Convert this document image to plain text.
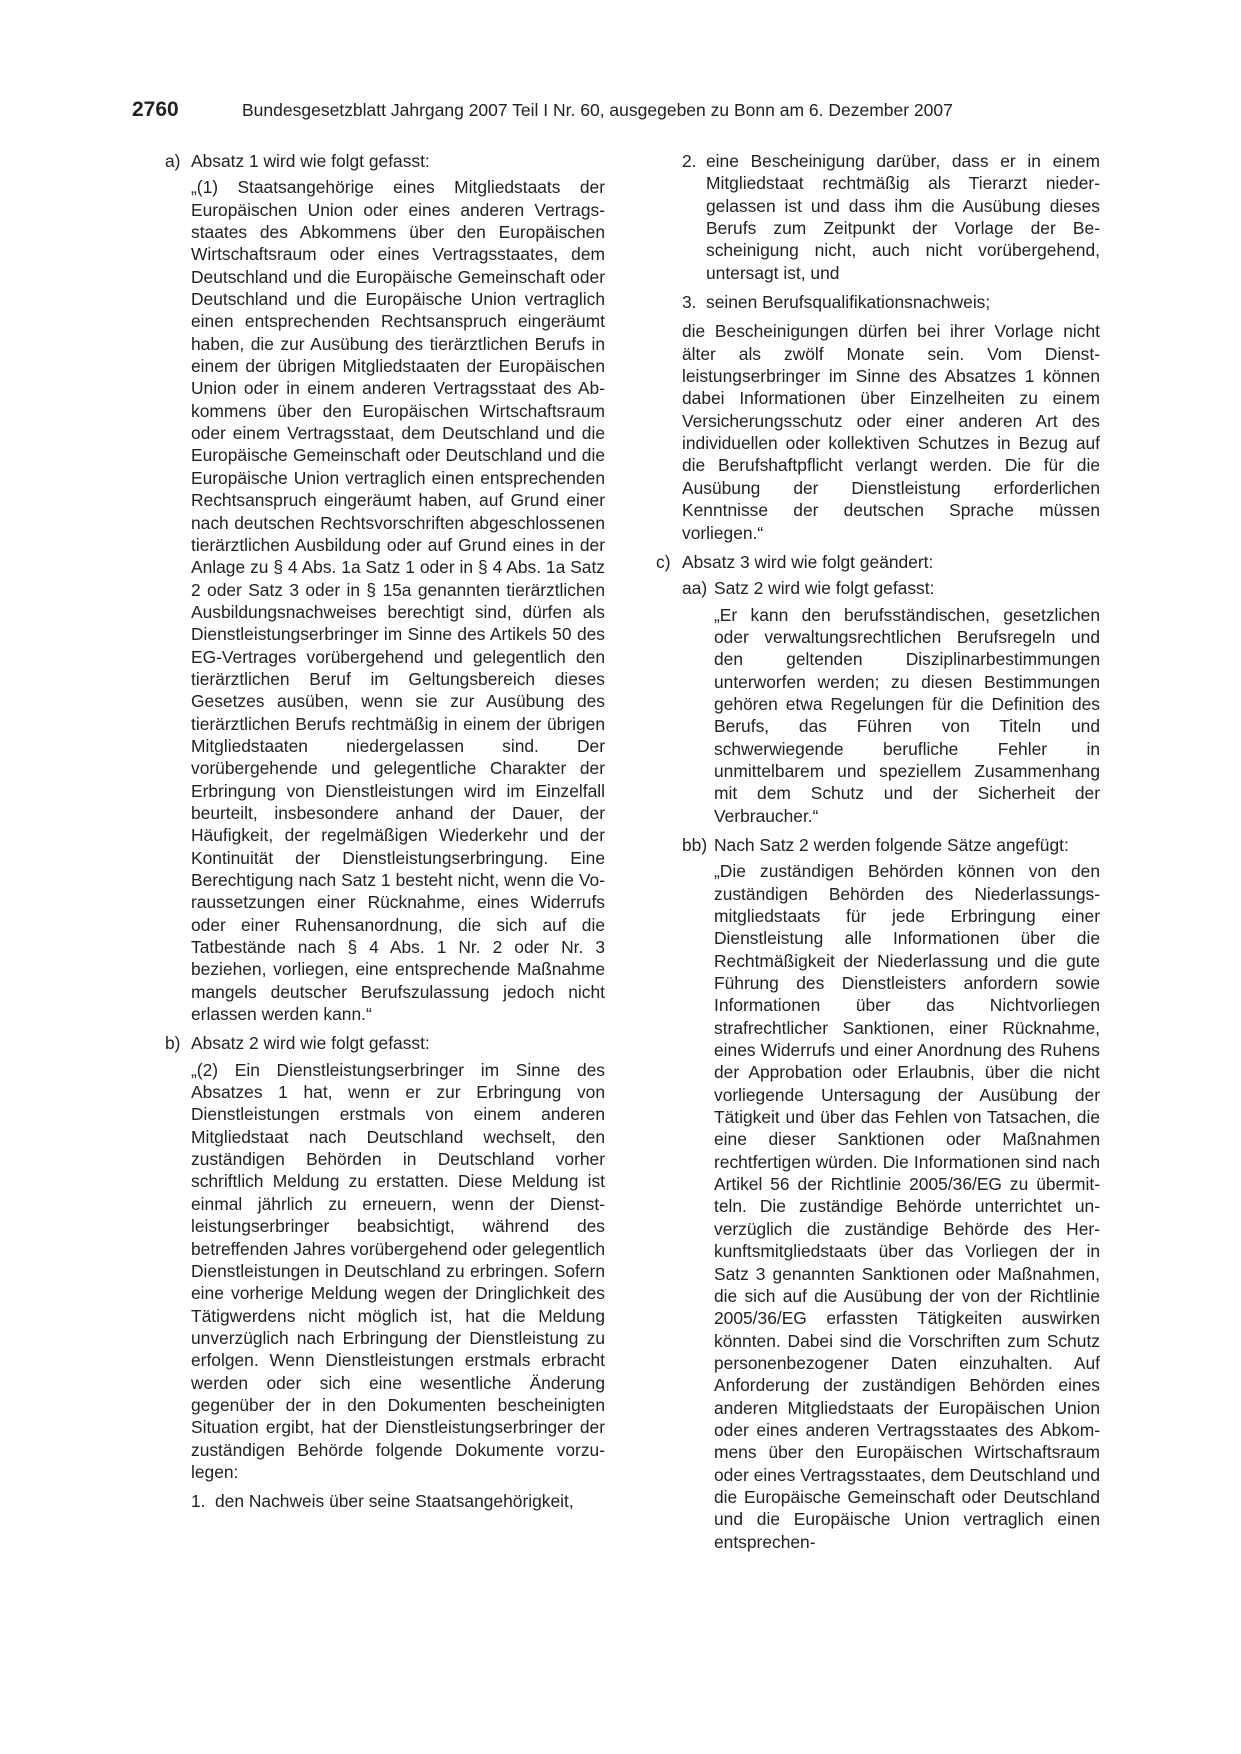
2760	Bundesgesetzblatt Jahrgang 2007 Teil I Nr. 60, ausgegeben zu Bonn am 6. Dezember 2007
a) Absatz 1 wird wie folgt gefasst:
„(1) Staatsangehörige eines Mitgliedstaats der Europäischen Union oder eines anderen Vertragsstaates des Abkommens über den Europäischen Wirtschaftsraum oder eines Vertragsstaates, dem Deutschland und die Europäische Gemeinschaft oder Deutschland und die Europäische Union vertraglich einen entsprechenden Rechtsanspruch eingeräumt haben, die zur Ausübung des tierärztlichen Berufs in einem der übrigen Mitgliedstaaten der Europäischen Union oder in einem anderen Vertragsstaat des Abkommens über den Europäischen Wirtschaftsraum oder einem Vertragsstaat, dem Deutschland und die Europäische Gemeinschaft oder Deutschland und die Europäische Union vertraglich einen entsprechenden Rechtsanspruch eingeräumt haben, auf Grund einer nach deutschen Rechtsvorschriften abgeschlossenen tierärztlichen Ausbildung oder auf Grund eines in der Anlage zu § 4 Abs. 1a Satz 1 oder in § 4 Abs. 1a Satz 2 oder Satz 3 oder in § 15a genannten tierärztlichen Ausbildungsnachweises berechtigt sind, dürfen als Dienstleistungserbringer im Sinne des Artikels 50 des EG-Vertrages vorübergehend und gelegentlich den tierärztlichen Beruf im Geltungsbereich dieses Gesetzes ausüben, wenn sie zur Ausübung des tierärztlichen Berufs rechtmäßig in einem der übrigen Mitgliedstaaten niedergelassen sind. Der vorübergehende und gelegentliche Charakter der Erbringung von Dienstleistungen wird im Einzelfall beurteilt, insbesondere anhand der Dauer, der Häufigkeit, der regelmäßigen Wiederkehr und der Kontinuität der Dienstleistungserbringung. Eine Berechtigung nach Satz 1 besteht nicht, wenn die Voraussetzungen einer Rücknahme, eines Widerrufs oder einer Ruhensanordnung, die sich auf die Tatbestände nach § 4 Abs. 1 Nr. 2 oder Nr. 3 beziehen, vorliegen, eine entsprechende Maßnahme mangels deutscher Berufszulassung jedoch nicht erlassen werden kann.“
b) Absatz 2 wird wie folgt gefasst:
„(2) Ein Dienstleistungserbringer im Sinne des Absatzes 1 hat, wenn er zur Erbringung von Dienstleistungen erstmals von einem anderen Mitgliedstaat nach Deutschland wechselt, den zuständigen Behörden in Deutschland vorher schriftlich Meldung zu erstatten. Diese Meldung ist einmal jährlich zu erneuern, wenn der Dienstleistungserbringer beabsichtigt, während des betreffenden Jahres vorübergehend oder gelegentlich Dienstleistungen in Deutschland zu erbringen. Sofern eine vorherige Meldung wegen der Dringlichkeit des Tätigwerdens nicht möglich ist, hat die Meldung unverzüglich nach Erbringung der Dienstleistung zu erfolgen. Wenn Dienstleistungen erstmals erbracht werden oder sich eine wesentliche Änderung gegenüber der in den Dokumenten bescheinigten Situation ergibt, hat der Dienstleistungserbringer der zuständigen Behörde folgende Dokumente vorzulegen:
1. den Nachweis über seine Staatsangehörigkeit,
2. eine Bescheinigung darüber, dass er in einem Mitgliedstaat rechtmäßig als Tierarzt niedergelassen ist und dass ihm die Ausübung dieses Berufs zum Zeitpunkt der Vorlage der Bescheinigung nicht, auch nicht vorübergehend, untersagt ist, und
3. seinen Berufsqualifikationsnachweis;
die Bescheinigungen dürfen bei ihrer Vorlage nicht älter als zwölf Monate sein. Vom Dienstleistungserbringer im Sinne des Absatzes 1 können dabei Informationen über Einzelheiten zu einem Versicherungsschutz oder einer anderen Art des individuellen oder kollektiven Schutzes in Bezug auf die Berufshaftpflicht verlangt werden. Die für die Ausübung der Dienstleistung erforderlichen Kenntnisse der deutschen Sprache müssen vorliegen.“
c) Absatz 3 wird wie folgt geändert:
aa) Satz 2 wird wie folgt gefasst:
„Er kann den berufsständischen, gesetzlichen oder verwaltungsrechtlichen Berufsregeln und den geltenden Disziplinarbestimmungen unterworfen werden; zu diesen Bestimmungen gehören etwa Regelungen für die Definition des Berufs, das Führen von Titeln und schwerwiegende berufliche Fehler in unmittelbarem und speziellem Zusammenhang mit dem Schutz und der Sicherheit der Verbraucher.“
bb) Nach Satz 2 werden folgende Sätze angefügt:
„Die zuständigen Behörden können von den zuständigen Behörden des Niederlassungsmitgliedstaats für jede Erbringung einer Dienstleistung alle Informationen über die Rechtmäßigkeit der Niederlassung und die gute Führung des Dienstleisters anfordern sowie Informationen über das Nichtvorliegen strafrechtlicher Sanktionen, einer Rücknahme, eines Widerrufs und einer Anordnung des Ruhens der Approbation oder Erlaubnis, über die nicht vorliegende Untersagung der Ausübung der Tätigkeit und über das Fehlen von Tatsachen, die eine dieser Sanktionen oder Maßnahmen rechtfertigen würden. Die Informationen sind nach Artikel 56 der Richtlinie 2005/36/EG zu übermitteln. Die zuständige Behörde unterrichtet unverzüglich die zuständige Behörde des Herkunftsmitgliedstaats über das Vorliegen der in Satz 3 genannten Sanktionen oder Maßnahmen, die sich auf die Ausübung der von der Richtlinie 2005/36/EG erfassten Tätigkeiten auswirken könnten. Dabei sind die Vorschriften zum Schutz personenbezogener Daten einzuhalten. Auf Anforderung der zuständigen Behörden eines anderen Mitgliedstaats der Europäischen Union oder eines anderen Vertragsstaates des Abkommens über den Europäischen Wirtschaftsraum oder eines Vertragsstaates, dem Deutschland und die Europäische Gemeinschaft oder Deutschland und die Europäische Union vertraglich einen entsprechen-
